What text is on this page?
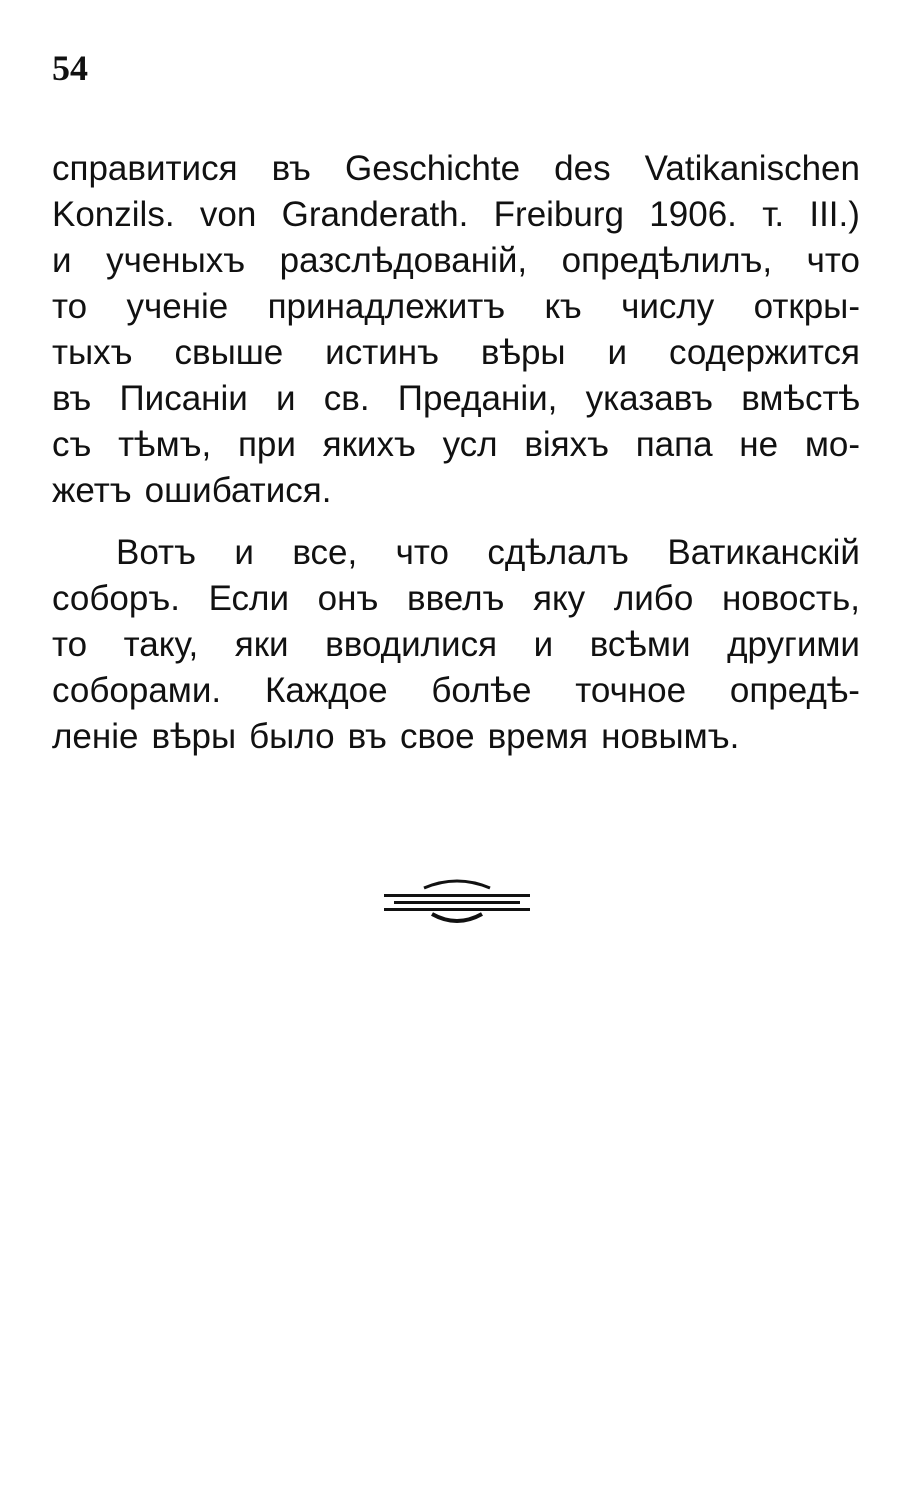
54
справитися въ Geschichte des Vatikanischen
Konzils. von Granderath. Freiburg 1906. т. III.)
и ученыхъ разслѣдованій, опредѣлилъ, что
то ученіе принадлежитъ къ числу откры-
тыхъ свыше истинъ вѣры и содержится
въ Писаніи и св. Преданіи, указавъ вмѣстѣ
съ тѣмъ, при якихъ усл віяхъ папа не мо-
жетъ ошибатися.
Вотъ и все, что сдѣлалъ Ватиканскій
соборъ. Если онъ ввелъ яку либо новость,
то таку, яки вводилися и всѣми другими
соборами. Каждое болѣе точное опредѣ-
леніе вѣры было въ свое время новымъ.
